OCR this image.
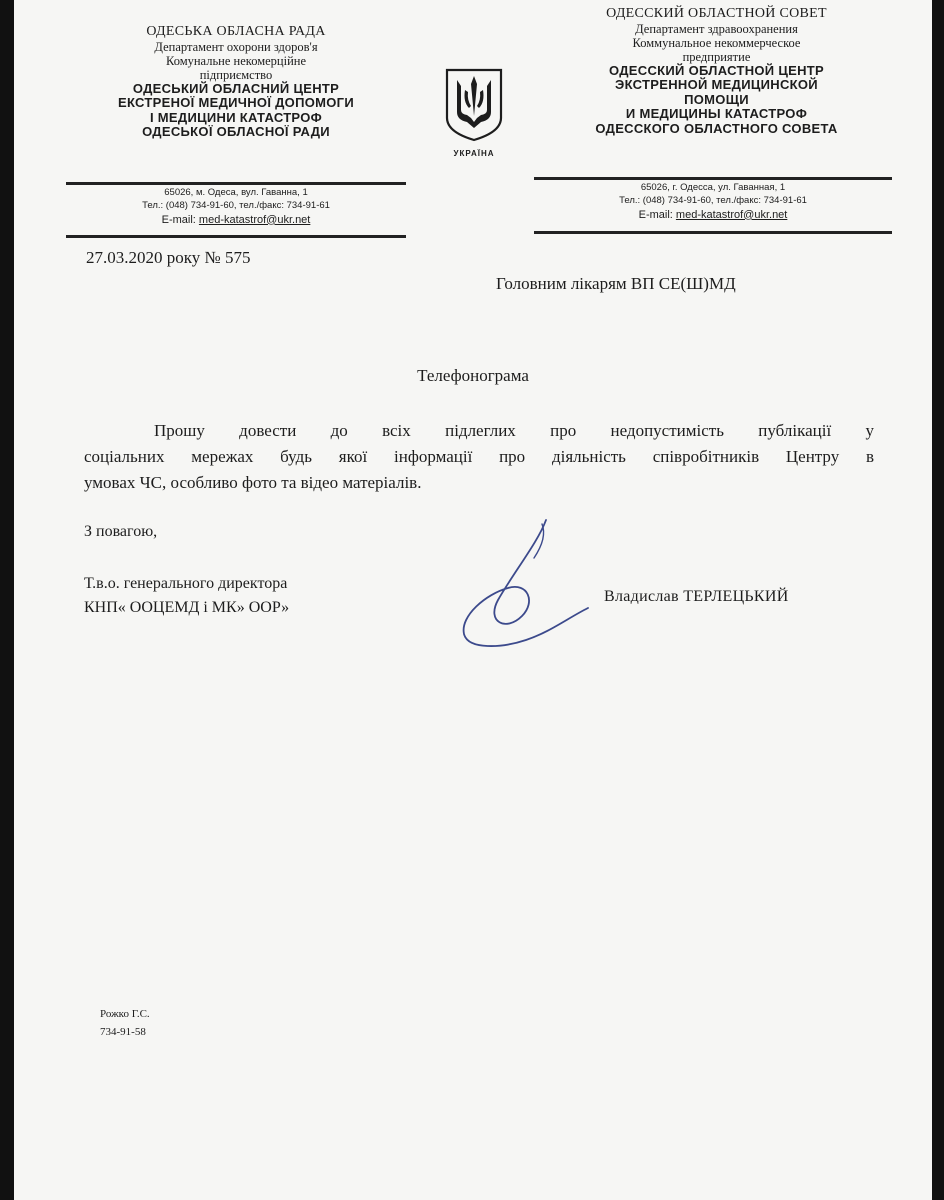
ОДЕСЬКА ОБЛАСНА РАДА
Департамент охорони здоров'я
Комунальне некомерційне
підприємство
ОДЕСЬКИЙ ОБЛАСНИЙ ЦЕНТР
ЕКСТРЕНОЇ МЕДИЧНОЇ ДОПОМОГИ
І МЕДИЦИНИ КАТАСТРОФ
ОДЕСЬКОЇ ОБЛАСНОЇ РАДИ
65026, м. Одеса, вул. Гаванна, 1
Тел.: (048) 734-91-60, тел./факс: 734-91-61
E-mail: med-katastrof@ukr.net
УКРАЇНА
ОДЕССКИЙ ОБЛАСТНОЙ СОВЕТ
Департамент здравоохранения
Коммунальное некоммерческое
предприятие
ОДЕССКИЙ ОБЛАСТНОЙ ЦЕНТР
ЭКСТРЕННОЙ МЕДИЦИНСКОЙ
ПОМОЩИ
И МЕДИЦИНЫ КАТАСТРОФ
ОДЕССКОГО ОБЛАСТНОГО СОВЕТА
65026, г. Одесса, ул. Гаванная, 1
Тел.: (048) 734-91-60, тел./факс: 734-91-61
E-mail: med-katastrof@ukr.net
27.03.2020 року № 575
Головним лікарям ВП СЕ(Ш)МД
Телефонограма
Прошу довести до всіх підлеглих про недопустимість публікації у
соціальних мережах будь якої інформації про діяльність співробітників Центру в
умовах ЧС, особливо фото та відео матеріалів.
З повагою,
Т.в.о. генерального директора
КНП« ООЦЕМД і МК» ООР»
Владислав ТЕРЛЕЦЬКИЙ
Рожко Г.С.
734-91-58
